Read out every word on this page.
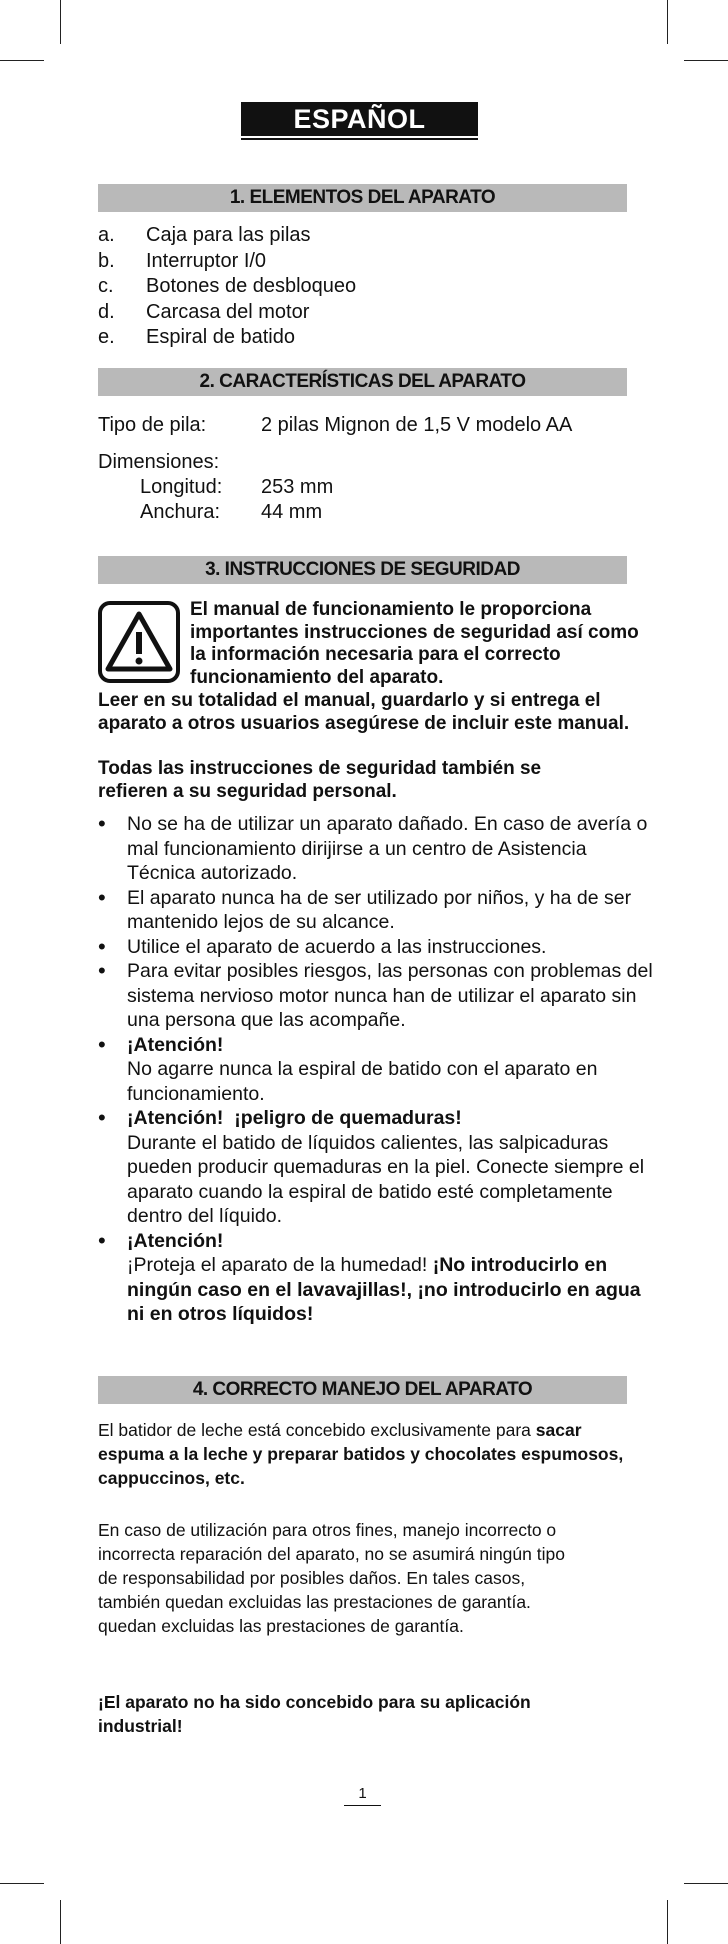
ESPAÑOL
1. ELEMENTOS DEL APARATO
a.	Caja para las pilas
b.	Interruptor I/0
c.	Botones de desbloqueo
d.	Carcasa del motor
e.	Espiral de batido
2. CARACTERÍSTICAS DEL APARATO
Tipo de pila:	2 pilas Mignon de 1,5 V modelo AA
Dimensiones:
Longitud:	253 mm
Anchura:	44 mm
3. INSTRUCCIONES DE SEGURIDAD
El manual de funcionamiento le proporciona importantes instrucciones de seguridad así como la información necesaria para el correcto funcionamiento del aparato.
Leer en su totalidad el manual, guardarlo y si entrega el aparato a otros usuarios asegúrese de incluir este manual.
Todas las instrucciones de seguridad también se refieren a su seguridad personal.
• No se ha de utilizar un aparato dañado. En caso de avería o mal funcionamiento dirijirse a un centro de Asistencia Técnica autorizado.
• El aparato nunca ha de ser utilizado por niños, y ha de ser mantenido lejos de su alcance.
• Utilice el aparato de acuerdo a las instrucciones.
• Para evitar posibles riesgos, las personas con problemas del sistema nervioso motor nunca han de utilizar el aparato sin una persona que las acompañe.
• ¡Atención!
No agarre nunca la espiral de batido con el aparato en funcionamiento.
• ¡Atención!  ¡peligro de quemaduras!
Durante el batido de líquidos calientes, las salpicaduras pueden producir quemaduras en la piel. Conecte siempre el aparato cuando la espiral de batido esté completamente dentro del líquido.
• ¡Atención!
¡Proteja el aparato de la humedad! ¡No introducirlo en ningún caso en el lavavajillas!, ¡no introducirlo en agua ni en otros líquidos!
4. CORRECTO MANEJO DEL APARATO
El batidor de leche está concebido exclusivamente para sacar espuma a la leche y preparar batidos y chocolates espumosos, cappuccinos, etc.
En caso de utilización para otros fines, manejo incorrecto o incorrecta reparación del aparato, no se asumirá ningún tipo de responsabilidad por posibles daños. En tales casos, también quedan excluidas las prestaciones de garantía. quedan excluidas las prestaciones de garantía.
¡El aparato no ha sido concebido para su aplicación industrial!
1
